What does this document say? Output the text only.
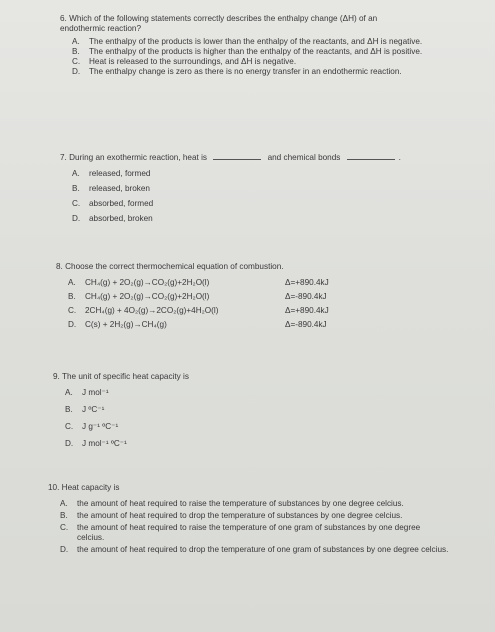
6. Which of the following statements correctly describes the enthalpy change (ΔH) of an
endothermic reaction?
A. The enthalpy of the products is lower than the enthalpy of the reactants, and ΔH is negative.
B. The enthalpy of the products is higher than the enthalpy of the reactants, and ΔH is positive.
C. Heat is released to the surroundings, and ΔH is negative.
D. The enthalpy change is zero as there is no energy transfer in an endothermic reaction.
7. During an exothermic reaction, heat is	and chemical bonds	.
A. released, formed
B. released, broken
C. absorbed, formed
D. absorbed, broken
8. Choose the correct thermochemical equation of combustion.
A. CH₄(g) + 2O₂(g)→CO₂(g)+2H₂O(l)	Δ=+890.4kJ
B. CH₄(g) + 2O₂(g)→CO₂(g)+2H₂O(l)	Δ=-890.4kJ
C. 2CH₄(g) + 4O₂(g)→2CO₂(g)+4H₂O(l)	Δ=+890.4kJ
D. C(s) + 2H₂(g)→CH₄(g)	Δ=-890.4kJ
9. The unit of specific heat capacity is
A. J mol⁻¹
B. J ºC⁻¹
C. J g⁻¹ ºC⁻¹
D. J mol⁻¹ ºC⁻¹
10. Heat capacity is
A. the amount of heat required to raise the temperature of substances by one degree celcius.
B. the amount of heat required to drop the temperature of substances by one degree celcius.
C. the amount of heat required to raise the temperature of one gram of substances by one degree celcius.
D. the amount of heat required to drop the temperature of one gram of substances by one degree celcius.
